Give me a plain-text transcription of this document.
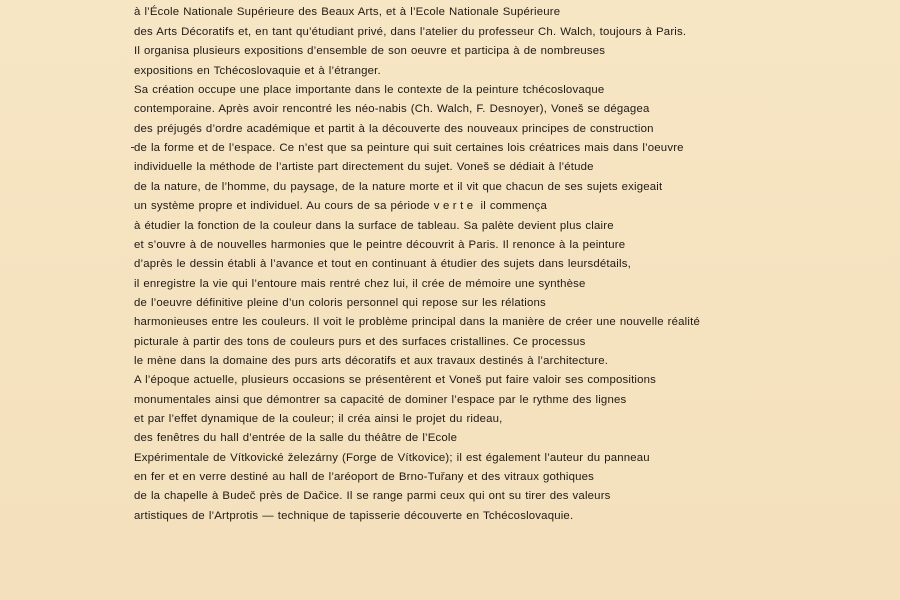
à l’École Nationale Supérieure des Beaux Arts, et à l’Ecole Nationale Supérieure
des Arts Décoratifs et, en tant qu’étudiant privé, dans l’atelier du professeur Ch. Walch, toujours à Paris.
Il organisa plusieurs expositions d’ensemble de son oeuvre et participa à de nombreuses
expositions en Tchécoslovaquie et à l’étranger.
Sa création occupe une place importante dans le contexte de la peinture tchécoslovaque
contemporaine. Après avoir rencontré les néo-nabis (Ch. Walch, F. Desnoyer), Voneš se dégagea
des préjugés d’ordre académique et partit à la découverte des nouveaux principes de construction
de la forme et de l’espace. Ce n’est que sa peinture qui suit certaines lois créatrices mais dans l’oeuvre
individuelle la méthode de l’artiste part directement du sujet. Voneš se dédiait à l’étude
de la nature, de l’homme, du paysage, de la nature morte et il vit que chacun de ses sujets exigeait
un système propre et individuel. Au cours de sa période verte il commença
à étudier la fonction de la couleur dans la surface de tableau. Sa palète devient plus claire
et s’ouvre à de nouvelles harmonies que le peintre découvrit à Paris. Il renonce à la peinture
d’après le dessin établi à l’avance et tout en continuant à étudier des sujets dans leursdétails,
il enregistre la vie qui l’entoure mais rentré chez lui, il crée de mémoire une synthèse
de l’oeuvre définitive pleine d’un coloris personnel qui repose sur les rélations
harmonieuses entre les couleurs. Il voit le problème principal dans la manière de créer une nouvelle réalité
picturale à partir des tons de couleurs purs et des surfaces cristallines. Ce processus
le mène dans la domaine des purs arts décoratifs et aux travaux destinés à l’architecture.
A l’époque actuelle, plusieurs occasions se présentèrent et Voneš put faire valoir ses compositions
monumentales ainsi que démontrer sa capacité de dominer l’espace par le rythme des lignes
et par l’effet dynamique de la couleur; il créa ainsi le projet du rideau,
des fenêtres du hall d’entrée de la salle du théâtre de l’Ecole
Expérimentale de Vítkovické železárny (Forge de Vítkovice); il est également l’auteur du panneau
en fer et en verre destiné au hall de l’aréoport de Brno-Tuřany et des vitraux gothiques
de la chapelle à Budeč près de Dačice. Il se range parmi ceux qui ont su tirer des valeurs
artistiques de l’Artprotis — technique de tapisserie découverte en Tchécoslovaquie.
